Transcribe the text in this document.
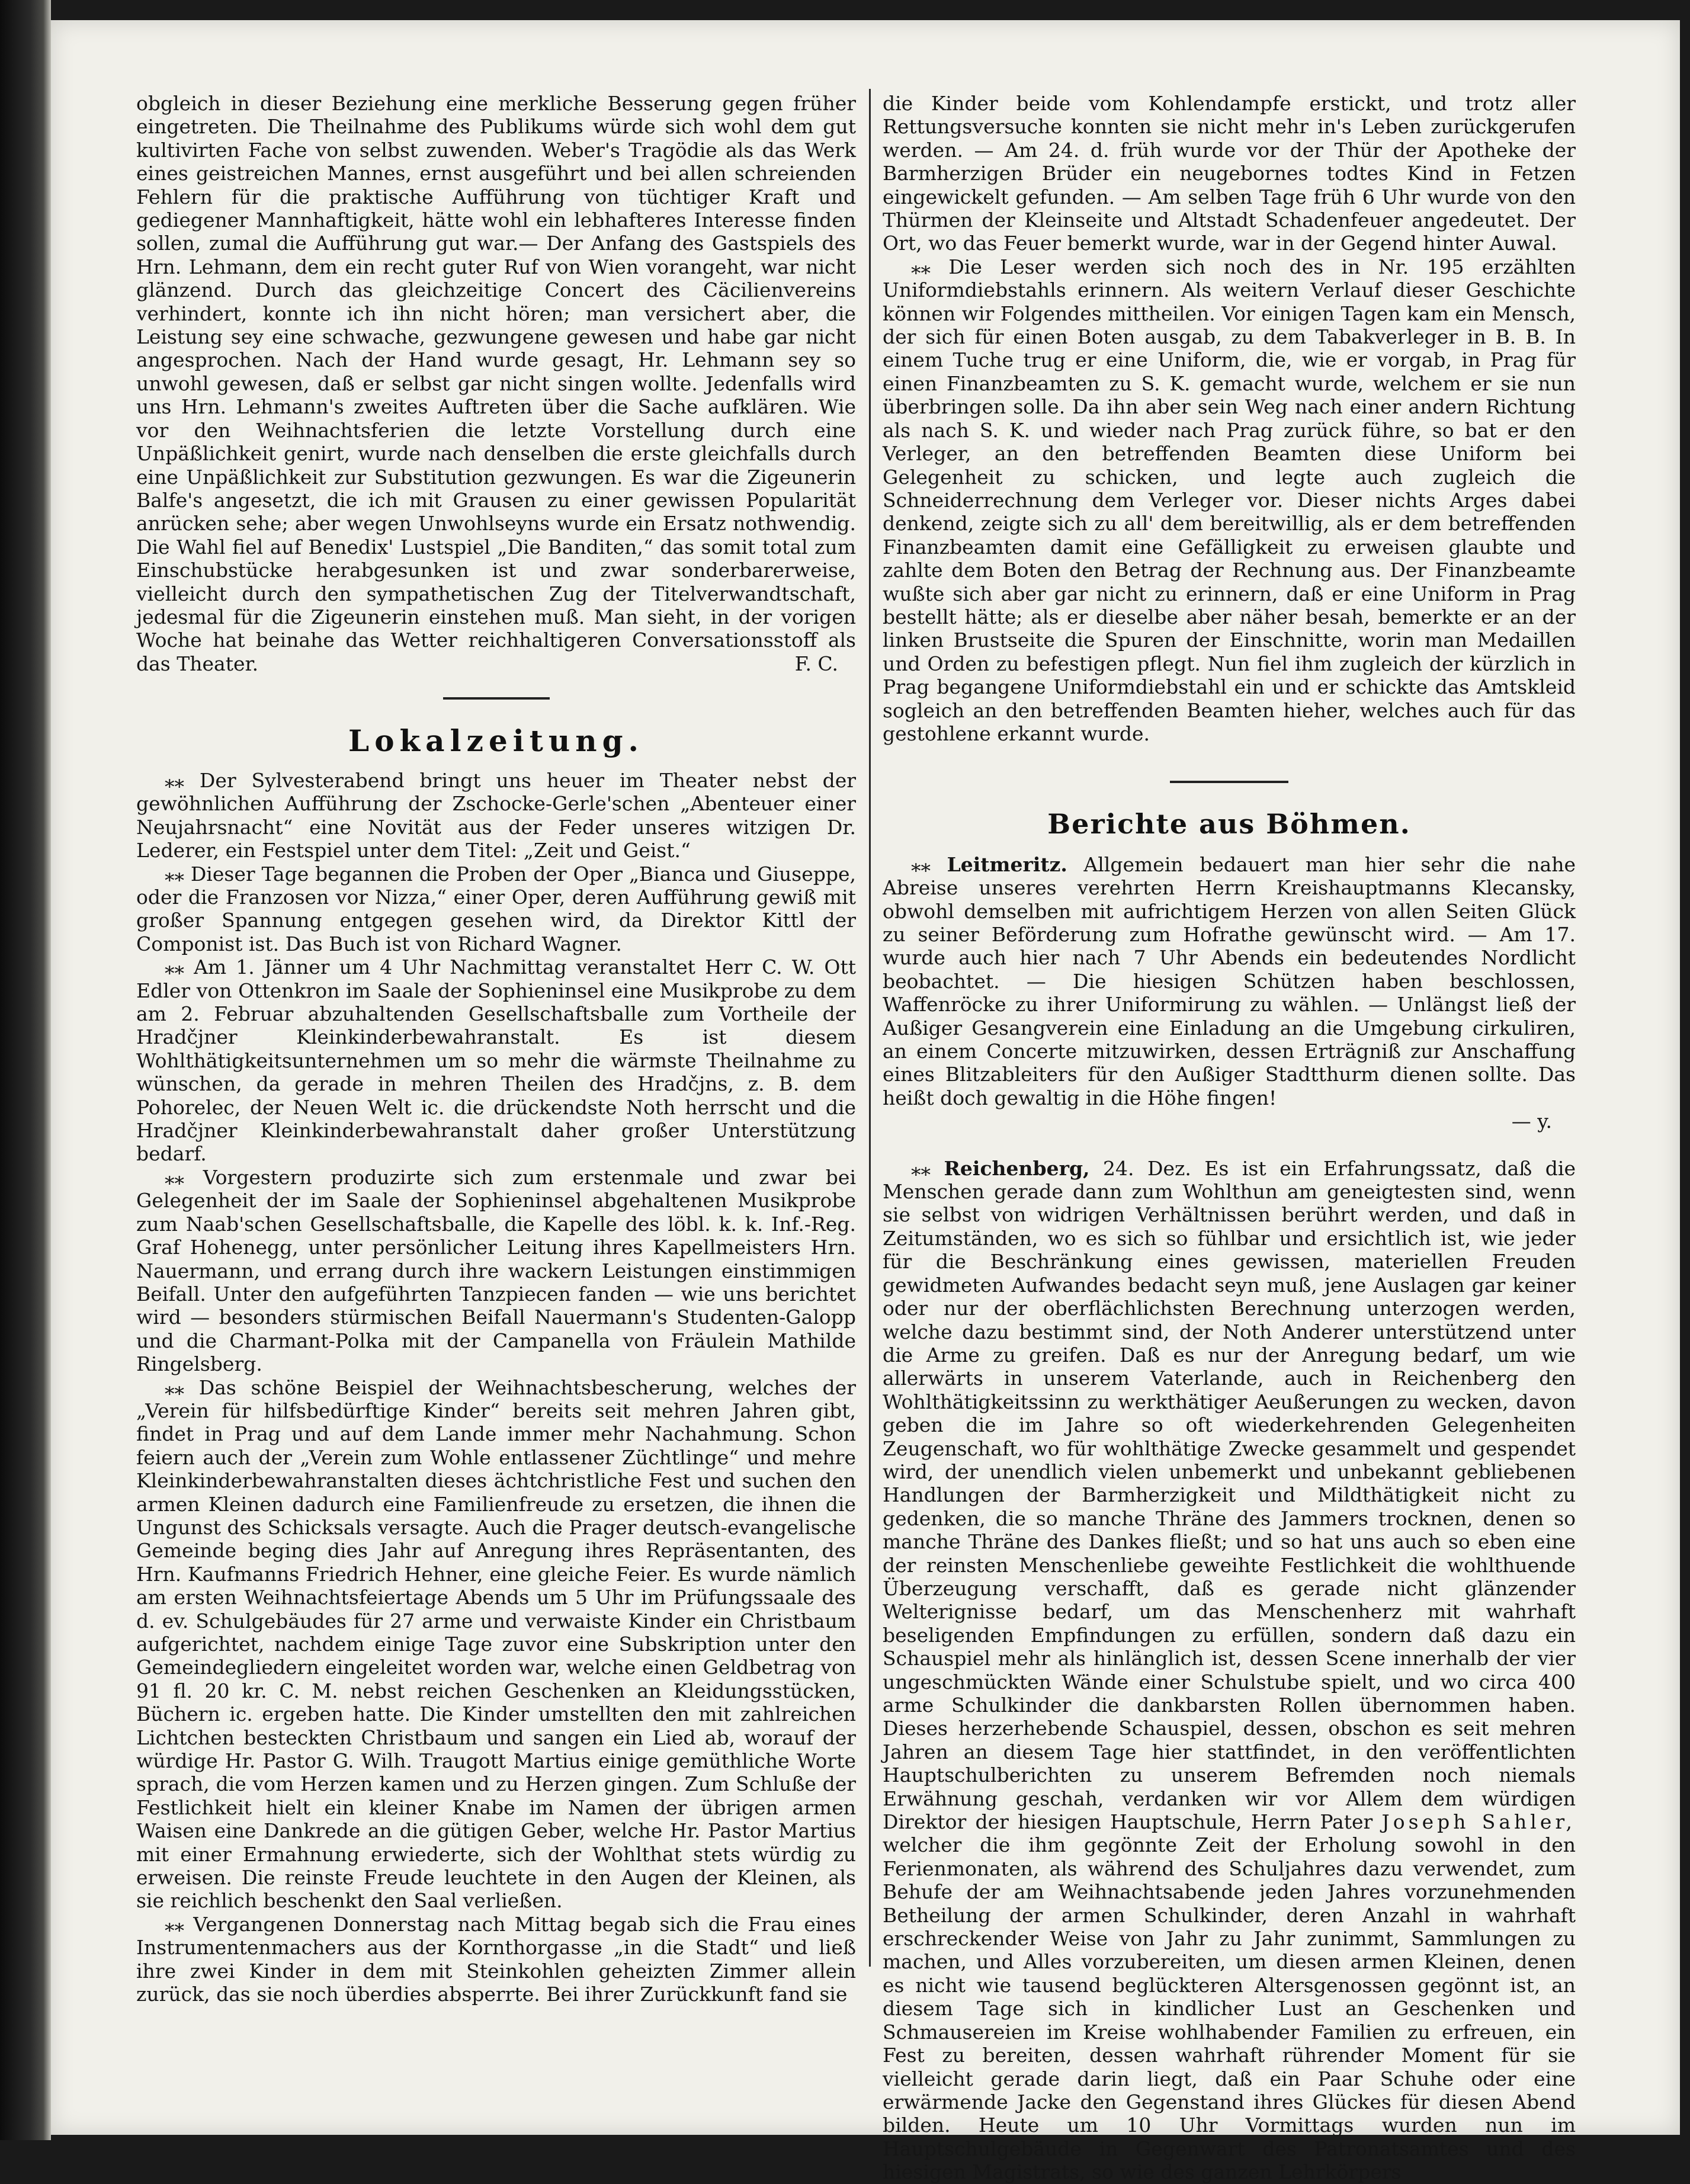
obgleich in dieser Beziehung eine merkliche Besserung gegen früher eingetreten. Die Theilnahme des Publikums würde sich wohl dem gut kultivirten Fache von selbst zuwenden. Weber's Tragödie als das Werk eines geistreichen Mannes, ernst ausgeführt und bei allen schreienden Fehlern für die praktische Aufführung von tüchtiger Kraft und gediegener Mannhaftigkeit, hätte wohl ein lebhafteres Interesse finden sollen, zumal die Aufführung gut war.— Der Anfang des Gastspiels des Hrn. Lehmann, dem ein recht guter Ruf von Wien vorangeht, war nicht glänzend. Durch das gleichzeitige Concert des Cäcilienvereins verhindert, konnte ich ihn nicht hören; man versichert aber, die Leistung sey eine schwache, gezwungene gewesen und habe gar nicht angesprochen. Nach der Hand wurde gesagt, Hr. Lehmann sey so unwohl gewesen, daß er selbst gar nicht singen wollte. Jedenfalls wird uns Hrn. Lehmann's zweites Auftreten über die Sache aufklären. Wie vor den Weihnachtsferien die letzte Vorstellung durch eine Unpäßlichkeit genirt, wurde nach denselben die erste gleichfalls durch eine Unpäßlichkeit zur Substitution gezwungen. Es war die Zigeunerin Balfe's angesetzt, die ich mit Grausen zu einer gewissen Popularität anrücken sehe; aber wegen Unwohlseyns wurde ein Ersatz nothwendig. Die Wahl fiel auf Benedix' Lustspiel „Die Banditen,“ das somit total zum Einschubstücke herabgesunken ist und zwar sonderbarerweise, vielleicht durch den sympathetischen Zug der Titelverwandtschaft, jedesmal für die Zigeunerin einstehen muß. Man sieht, in der vorigen Woche hat beinahe das Wetter reichhaltigeren Conversationsstoff als das Theater.	F. C.
Lokalzeitung.

⁎⁎ Der Sylvesterabend bringt uns heuer im Theater nebst der gewöhnlichen Aufführung der Zschocke-Gerle'schen „Abenteuer einer Neujahrsnacht“ eine Novität aus der Feder unseres witzigen Dr. Lederer, ein Festspiel unter dem Titel: „Zeit und Geist.“

⁎⁎ Dieser Tage begannen die Proben der Oper „Bianca und Giuseppe, oder die Franzosen vor Nizza,“ einer Oper, deren Aufführung gewiß mit großer Spannung entgegen gesehen wird, da Direktor Kittl der Componist ist. Das Buch ist von Richard Wagner.

⁎⁎ Am 1. Jänner um 4 Uhr Nachmittag veranstaltet Herr C. W. Ott Edler von Ottenkron im Saale der Sophieninsel eine Musikprobe zu dem am 2. Februar abzuhaltenden Gesellschaftsballe zum Vortheile der Hradčjner Kleinkinderbewahranstalt. Es ist diesem Wohlthätigkeitsunternehmen um so mehr die wärmste Theilnahme zu wünschen, da gerade in mehren Theilen des Hradčjns, z. B. dem Pohorelec, der Neuen Welt ic. die drückendste Noth herrscht und die Hradčjner Kleinkinderbewahranstalt daher großer Unterstützung bedarf.

⁎⁎ Vorgestern produzirte sich zum erstenmale und zwar bei Gelegenheit der im Saale der Sophieninsel abgehaltenen Musikprobe zum Naab'schen Gesellschaftsballe, die Kapelle des löbl. k. k. Inf.-Reg. Graf Hohenegg, unter persönlicher Leitung ihres Kapellmeisters Hrn. Nauermann, und errang durch ihre wackern Leistungen einstimmigen Beifall. Unter den aufgeführten Tanzpiecen fanden — wie uns berichtet wird — besonders stürmischen Beifall Nauermann's Studenten-Galopp und die Charmant-Polka mit der Campanella von Fräulein Mathilde Ringelsberg.

⁎⁎ Das schöne Beispiel der Weihnachtsbescherung, welches der „Verein für hilfsbedürftige Kinder“ bereits seit mehren Jahren gibt, findet in Prag und auf dem Lande immer mehr Nachahmung. Schon feiern auch der „Verein zum Wohle entlassener Züchtlinge“ und mehre Kleinkinderbewahranstalten dieses ächtchristliche Fest und suchen den armen Kleinen dadurch eine Familienfreude zu ersetzen, die ihnen die Ungunst des Schicksals versagte. Auch die Prager deutsch-evangelische Gemeinde beging dies Jahr auf Anregung ihres Repräsentanten, des Hrn. Kaufmanns Friedrich Hehner, eine gleiche Feier. Es wurde nämlich am ersten Weihnachtsfeiertage Abends um 5 Uhr im Prüfungssaale des d. ev. Schulgebäudes für 27 arme und verwaiste Kinder ein Christbaum aufgerichtet, nachdem einige Tage zuvor eine Subskription unter den Gemeindegliedern eingeleitet worden war, welche einen Geldbetrag von 91 fl. 20 kr. C. M. nebst reichen Geschenken an Kleidungsstücken, Büchern ic. ergeben hatte. Die Kinder umstellten den mit zahlreichen Lichtchen besteckten Christbaum und sangen ein Lied ab, worauf der würdige Hr. Pastor G. Wilh. Traugott Martius einige gemüthliche Worte sprach, die vom Herzen kamen und zu Herzen gingen. Zum Schluße der Festlichkeit hielt ein kleiner Knabe im Namen der übrigen armen Waisen eine Dankrede an die gütigen Geber, welche Hr. Pastor Martius mit einer Ermahnung erwiederte, sich der Wohlthat stets würdig zu erweisen. Die reinste Freude leuchtete in den Augen der Kleinen, als sie reichlich beschenkt den Saal verließen.

⁎⁎ Vergangenen Donnerstag nach Mittag begab sich die Frau eines Instrumentenmachers aus der Kornthorgasse „in die Stadt“ und ließ ihre zwei Kinder in dem mit Steinkohlen geheizten Zimmer allein zurück, das sie noch überdies absperrte. Bei ihrer Zurückkunft fand sie

die Kinder beide vom Kohlendampfe erstickt, und trotz aller Rettungsversuche konnten sie nicht mehr in's Leben zurückgerufen werden. — Am 24. d. früh wurde vor der Thür der Apotheke der Barmherzigen Brüder ein neugebornes todtes Kind in Fetzen eingewickelt gefunden. — Am selben Tage früh 6 Uhr wurde von den Thürmen der Kleinseite und Altstadt Schadenfeuer angedeutet. Der Ort, wo das Feuer bemerkt wurde, war in der Gegend hinter Auwal.

⁎⁎ Die Leser werden sich noch des in Nr. 195 erzählten Uniformdiebstahls erinnern. Als weitern Verlauf dieser Geschichte können wir Folgendes mittheilen. Vor einigen Tagen kam ein Mensch, der sich für einen Boten ausgab, zu dem Tabakverleger in B. B. In einem Tuche trug er eine Uniform, die, wie er vorgab, in Prag für einen Finanzbeamten zu S. K. gemacht wurde, welchem er sie nun überbringen solle. Da ihn aber sein Weg nach einer andern Richtung als nach S. K. und wieder nach Prag zurück führe, so bat er den Verleger, an den betreffenden Beamten diese Uniform bei Gelegenheit zu schicken, und legte auch zugleich die Schneiderrechnung dem Verleger vor. Dieser nichts Arges dabei denkend, zeigte sich zu all' dem bereitwillig, als er dem betreffenden Finanzbeamten damit eine Gefälligkeit zu erweisen glaubte und zahlte dem Boten den Betrag der Rechnung aus. Der Finanzbeamte wußte sich aber gar nicht zu erinnern, daß er eine Uniform in Prag bestellt hätte; als er dieselbe aber näher besah, bemerkte er an der linken Brustseite die Spuren der Einschnitte, worin man Medaillen und Orden zu befestigen pflegt. Nun fiel ihm zugleich der kürzlich in Prag begangene Uniformdiebstahl ein und er schickte das Amtskleid sogleich an den betreffenden Beamten hieher, welches auch für das gestohlene erkannt wurde.

Berichte aus Böhmen.

⁎⁎ Leitmeritz. Allgemein bedauert man hier sehr die nahe Abreise unseres verehrten Herrn Kreishauptmanns Klecansky, obwohl demselben mit aufrichtigem Herzen von allen Seiten Glück zu seiner Beförderung zum Hofrathe gewünscht wird. — Am 17. wurde auch hier nach 7 Uhr Abends ein bedeutendes Nordlicht beobachtet. — Die hiesigen Schützen haben beschlossen, Waffenröcke zu ihrer Uniformirung zu wählen. — Unlängst ließ der Außiger Gesangverein eine Einladung an die Umgebung cirkuliren, an einem Concerte mitzuwirken, dessen Erträgniß zur Anschaffung eines Blitzableiters für den Außiger Stadtthurm dienen sollte. Das heißt doch gewaltig in die Höhe fingen!

— y.

⁎⁎ Reichenberg, 24. Dez. Es ist ein Erfahrungssatz, daß die Menschen gerade dann zum Wohlthun am geneigtesten sind, wenn sie selbst von widrigen Verhältnissen berührt werden, und daß in Zeitumständen, wo es sich so fühlbar und ersichtlich ist, wie jeder für die Beschränkung eines gewissen, materiellen Freuden gewidmeten Aufwandes bedacht seyn muß, jene Auslagen gar keiner oder nur der oberflächlichsten Berechnung unterzogen werden, welche dazu bestimmt sind, der Noth Anderer unterstützend unter die Arme zu greifen. Daß es nur der Anregung bedarf, um wie allerwärts in unserem Vaterlande, auch in Reichenberg den Wohlthätigkeitssinn zu werkthätiger Aeußerungen zu wecken, davon geben die im Jahre so oft wiederkehrenden Gelegenheiten Zeugenschaft, wo für wohlthätige Zwecke gesammelt und gespendet wird, der unendlich vielen unbemerkt und unbekannt gebliebenen Handlungen der Barmherzigkeit und Mildthätigkeit nicht zu gedenken, die so manche Thräne des Jammers trocknen, denen so manche Thräne des Dankes fließt; und so hat uns auch so eben eine der reinsten Menschenliebe geweihte Festlichkeit die wohlthuende Überzeugung verschafft, daß es gerade nicht glänzender Welterignisse bedarf, um das Menschenherz mit wahrhaft beseligenden Empfindungen zu erfüllen, sondern daß dazu ein Schauspiel mehr als hinlänglich ist, dessen Scene innerhalb der vier ungeschmückten Wände einer Schulstube spielt, und wo circa 400 arme Schulkinder die dankbarsten Rollen übernommen haben. Dieses herzerhebende Schauspiel, dessen, obschon es seit mehren Jahren an diesem Tage hier stattfindet, in den veröffentlichten Hauptschulberichten zu unserem Befremden noch niemals Erwähnung geschah, verdanken wir vor Allem dem würdigen Direktor der hiesigen Hauptschule, Herrn Pater Joseph Sahler, welcher die ihm gegönnte Zeit der Erholung sowohl in den Ferienmonaten, als während des Schuljahres dazu verwendet, zum Behufe der am Weihnachtsabende jeden Jahres vorzunehmenden Betheilung der armen Schulkinder, deren Anzahl in wahrhaft erschreckender Weise von Jahr zu Jahr zunimmt, Sammlungen zu machen, und Alles vorzubereiten, um diesen armen Kleinen, denen es nicht wie tausend beglückteren Altersgenossen gegönnt ist, an diesem Tage sich in kindlicher Lust an Geschenken und Schmausereien im Kreise wohlhabender Familien zu erfreuen, ein Fest zu bereiten, dessen wahrhaft rührender Moment für sie vielleicht gerade darin liegt, daß ein Paar Schuhe oder eine erwärmende Jacke den Gegenstand ihres Glückes für diesen Abend bilden. Heute um 10 Uhr Vormittags wurden nun im Hauptschulgebäude in Gegenwart des Patronatsamtes und des hiesigen Magistrats, so wie des ganzen Lehrkörpers
